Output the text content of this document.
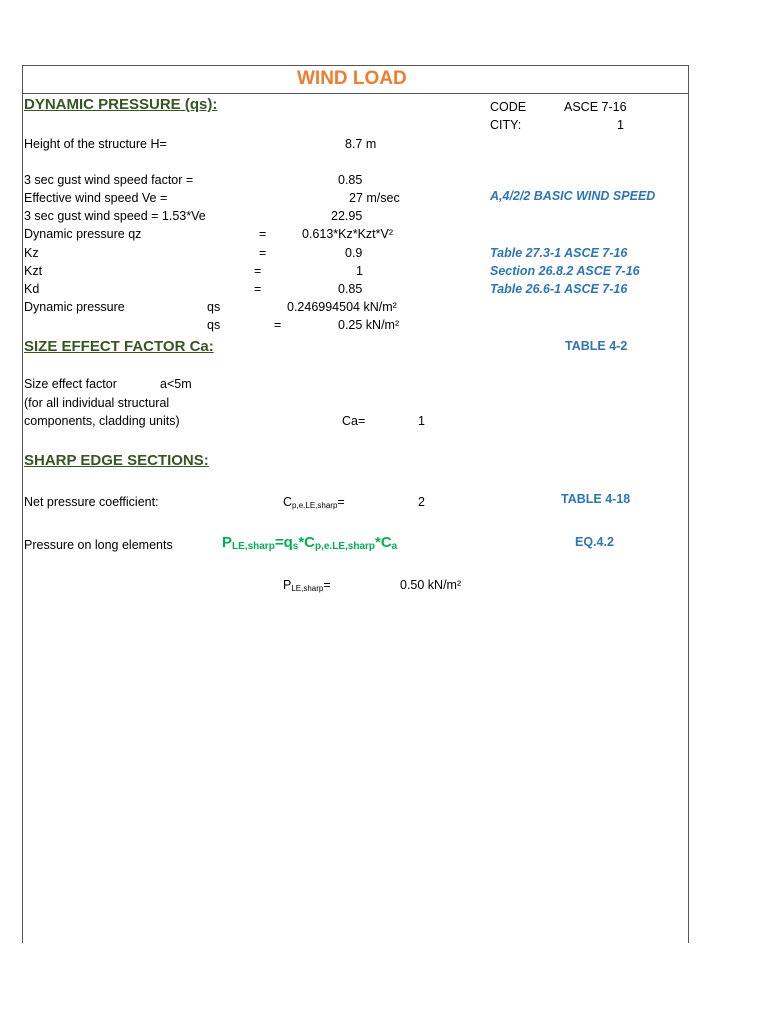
WIND LOAD
CODE	ASCE 7-16
CITY:	1
DYNAMIC PRESSURE (qs):
Height of the structure H=	8.7 m
3 sec gust wind speed factor =	0.85
Effective wind speed Ve =	27 m/sec	A,4/2/2 BASIC WIND SPEED
3 sec gust wind speed = 1.53*Ve	22.95
Dynamic pressure qz	=	0.613*Kz*Kzt*V²
Kz	=	0.9	Table 27.3-1 ASCE 7-16
Kzt	=	1	Section 26.8.2 ASCE 7-16
Kd	=	0.85	Table 26.6-1 ASCE 7-16
Dynamic pressure	qs	0.246994504 kN/m²
qs	=	0.25 kN/m²
SIZE EFFECT FACTOR Ca:	TABLE 4-2
Size effect factor	a<5m
(for all individual structural
components, cladding units)	Ca=	1
SHARP EDGE SECTIONS:
Net pressure coefficient:	$C_{p,e.LE,sharp}=$	2	TABLE 4-18
Pressure on long elements	$P_{LE,sharp}=q_s*C_{p,e.LE,sharp}*C_a$	EQ.4.2
$P_{LE,sharp}=$	0.50 kN/m²
